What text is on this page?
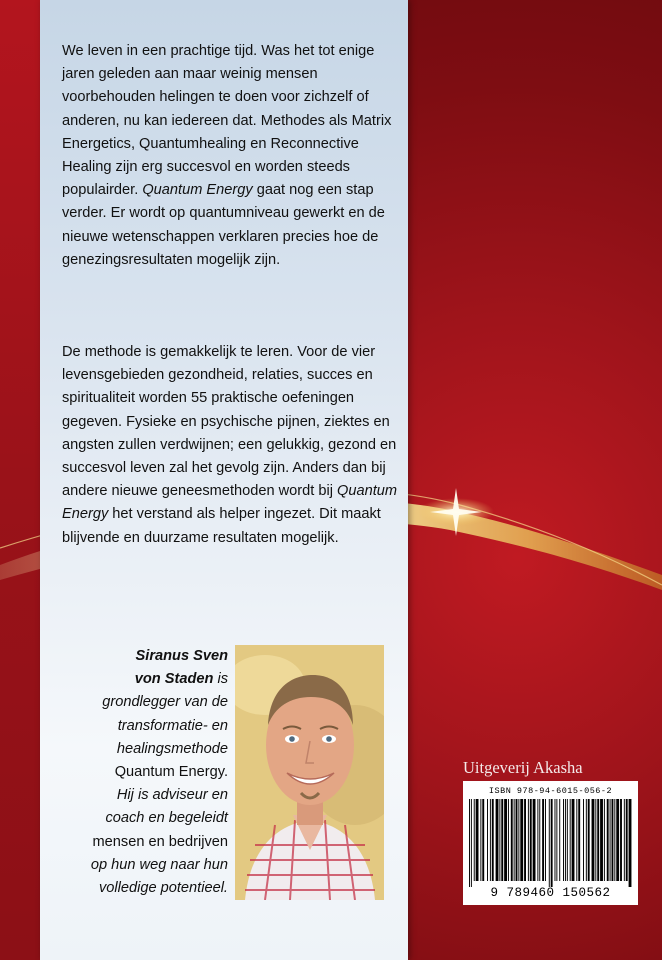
We leven in een prachtige tijd. Was het tot enige jaren geleden aan maar weinig mensen voorbehouden helingen te doen voor zichzelf of anderen, nu kan iedereen dat. Methodes als Matrix Energetics, Quantumhealing en Reconnective Healing zijn erg succesvol en worden steeds populairder. Quantum Energy gaat nog een stap verder. Er wordt op quantumniveau gewerkt en de nieuwe wetenschappen verklaren precies hoe de genezingsresultaten mogelijk zijn.

De methode is gemakkelijk te leren. Voor de vier levensgebieden gezondheid, relaties, succes en spiritualiteit worden 55 praktische oefeningen gegeven. Fysieke en psychische pijnen, ziektes en angsten zullen verdwijnen; een gelukkig, gezond en succesvol leven zal het gevolg zijn. Anders dan bij andere nieuwe geneesmethoden wordt bij Quantum Energy het verstand als helper ingezet. Dit maakt blijvende en duurzame resultaten mogelijk.

Siranus Sven
von Staden is
grondlegger van de
transformatie- en
healingsmethode
Quantum Energy.
Hij is adviseur en
coach en begeleidt
mensen en bedrijven
op hun weg naar hun
volledige potentieel.
Uitgeverij Akasha
ISBN 978-94-6015-056-2
9 789460 150562
